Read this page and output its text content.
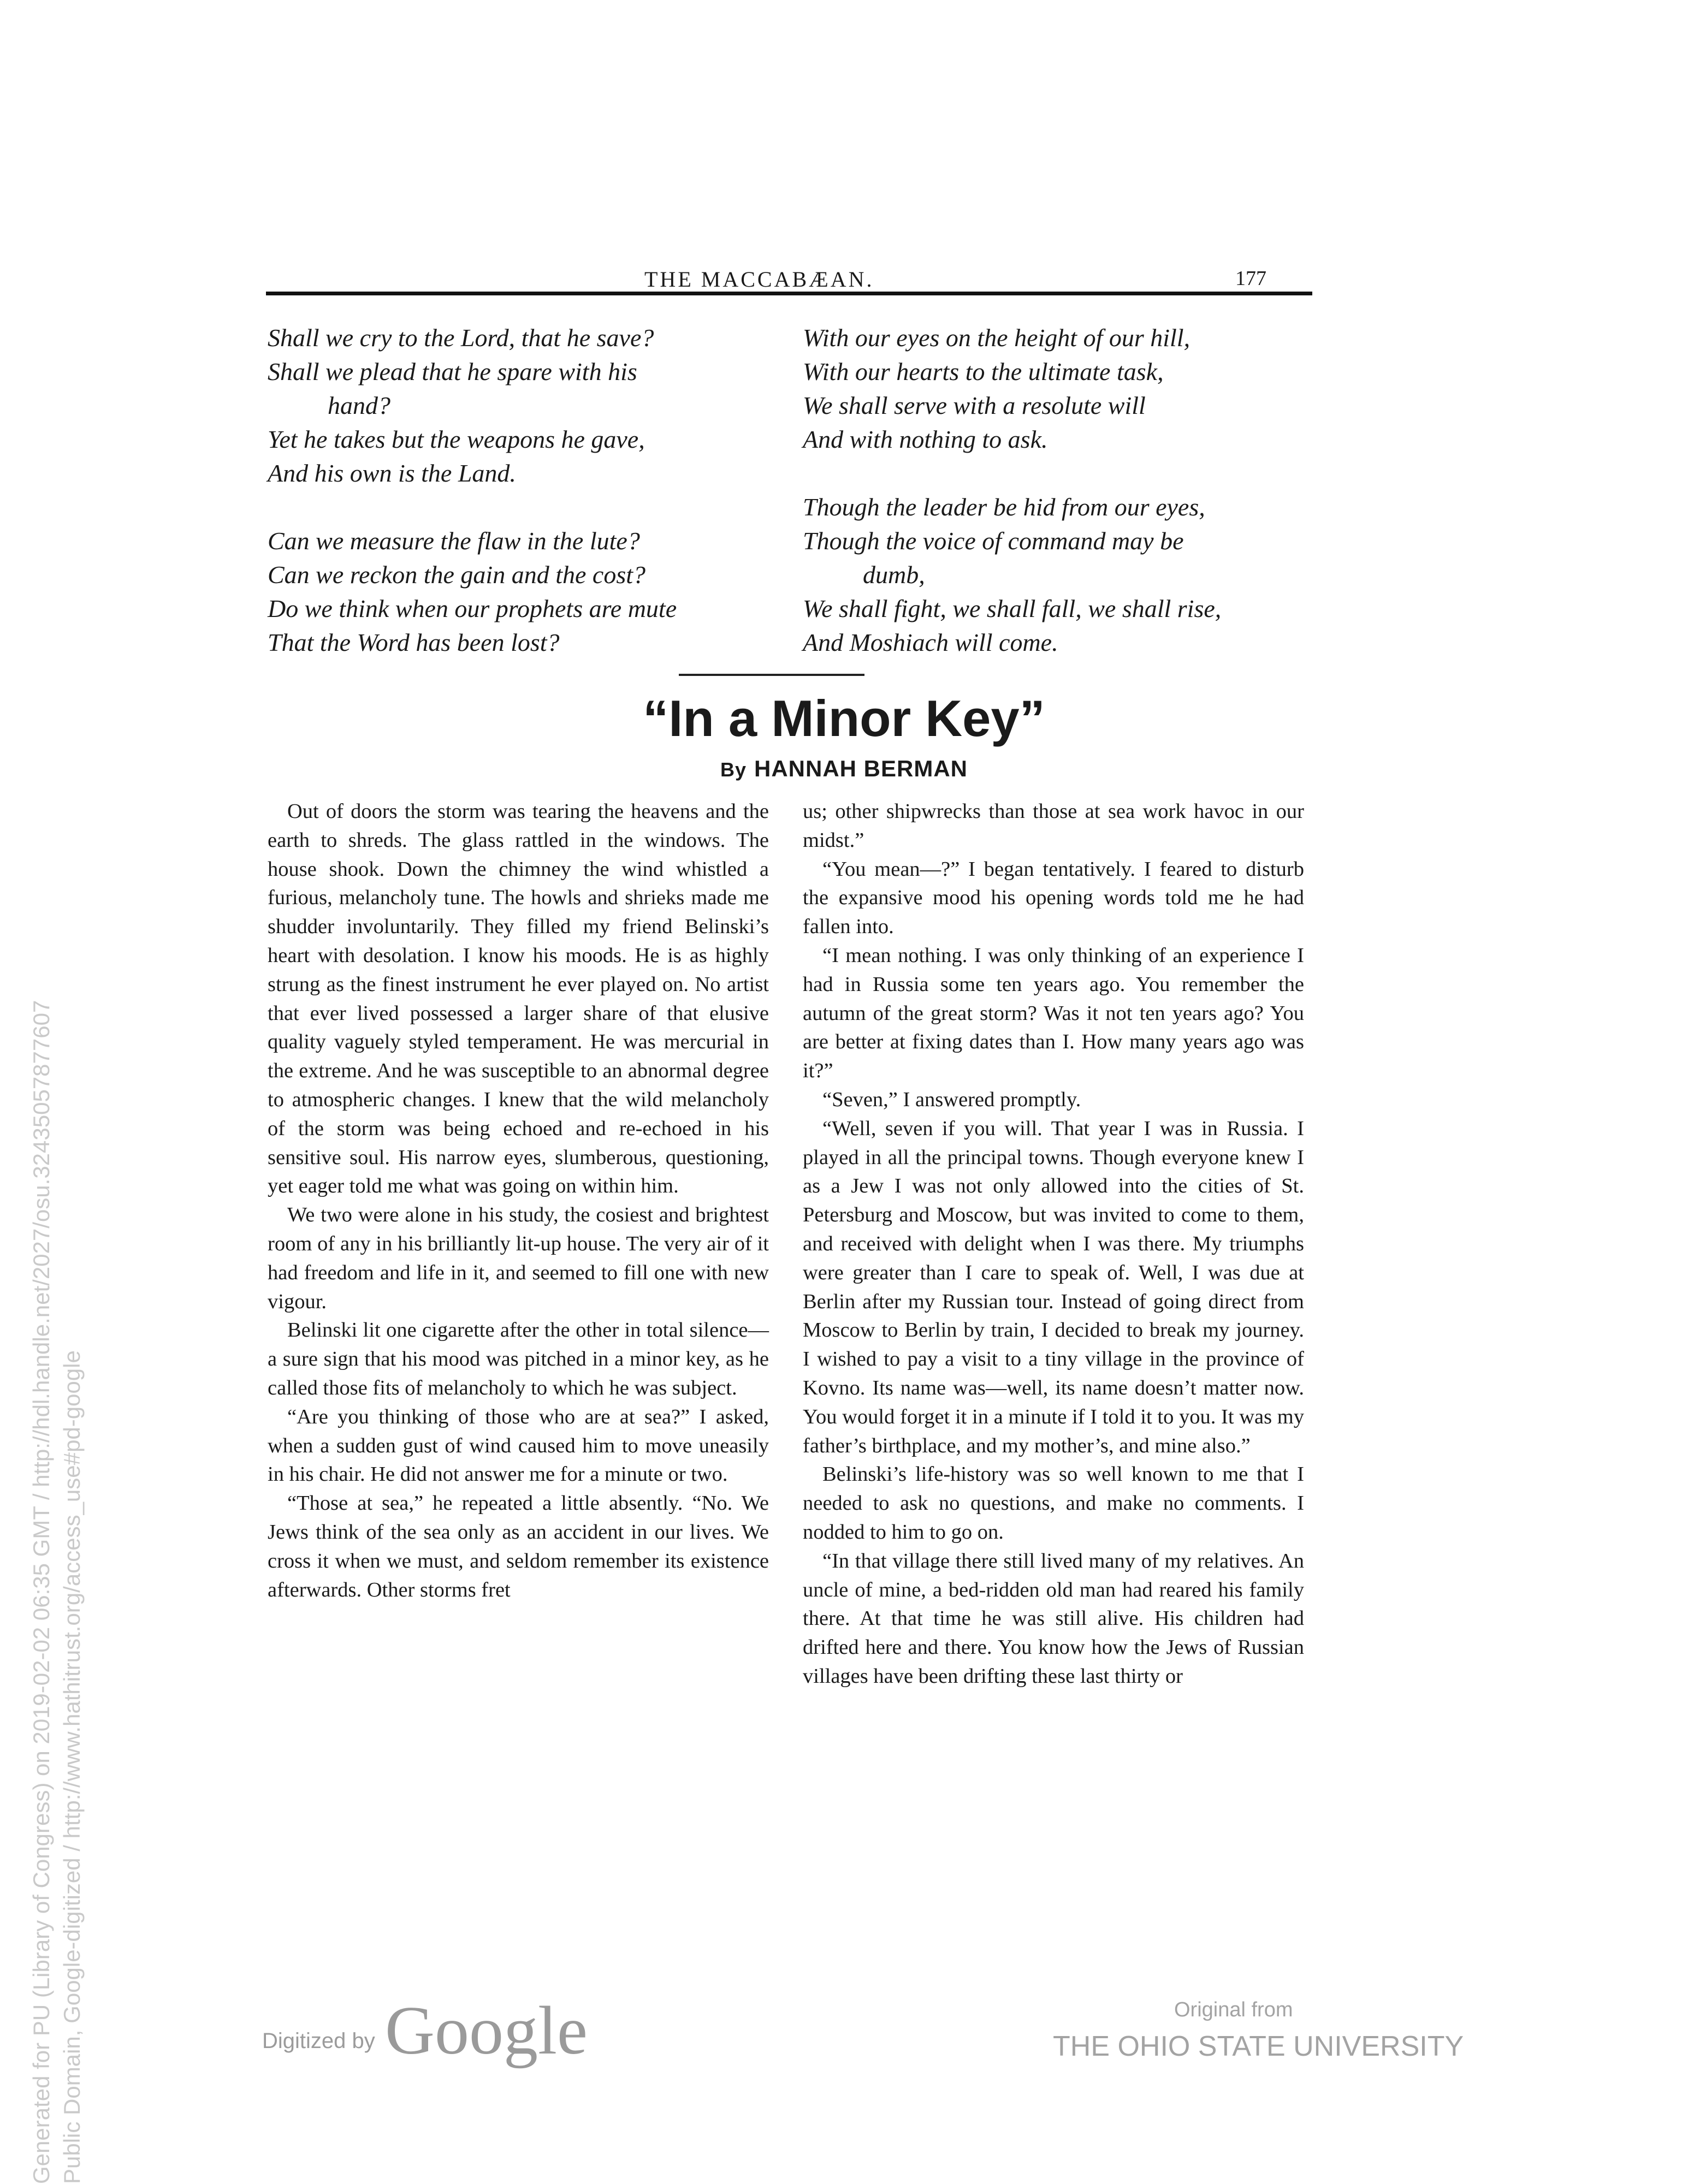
THE MACCABÆAN.	177
Shall we cry to the Lord, that he save?
Shall we plead that he spare with his
hand?
Yet he takes but the weapons he gave,
And his own is the Land.
Can we measure the flaw in the lute?
Can we reckon the gain and the cost?
Do we think when our prophets are mute
That the Word has been lost?
With our eyes on the height of our hill,
With our hearts to the ultimate task,
We shall serve with a resolute will
And with nothing to ask.
Though the leader be hid from our eyes,
Though the voice of command may be
dumb,
We shall fight, we shall fall, we shall rise,
And Moshiach will come.
“In a Minor Key”
By HANNAH BERMAN

Out of doors the storm was tearing the heavens and the earth to shreds. The glass rattled in the windows. The house shook. Down the chimney the wind whistled a furious, melancholy tune. The howls and shrieks made me shudder involuntarily. They filled my friend Belinski’s heart with desolation. I know his moods. He is as highly strung as the finest instrument he ever played on. No artist that ever lived possessed a larger share of that elusive quality vaguely styled temperament. He was mercurial in the extreme. And he was susceptible to an abnormal degree to atmospheric changes. I knew that the wild melancholy of the storm was being echoed and re-echoed in his sensitive soul. His narrow eyes, slumberous, questioning, yet eager told me what was going on within him.

We two were alone in his study, the cosiest and brightest room of any in his brilliantly lit-up house. The very air of it had freedom and life in it, and seemed to fill one with new vigour.

Belinski lit one cigarette after the other in total silence—a sure sign that his mood was pitched in a minor key, as he called those fits of melancholy to which he was subject.

“Are you thinking of those who are at sea?” I asked, when a sudden gust of wind caused him to move uneasily in his chair. He did not answer me for a minute or two.

“Those at sea,” he repeated a little absently. “No. We Jews think of the sea only as an accident in our lives. We cross it when we must, and seldom remember its existence afterwards. Other storms fret

us; other shipwrecks than those at sea work havoc in our midst.”

“You mean—?” I began tentatively. I feared to disturb the expansive mood his opening words told me he had fallen into.

“I mean nothing. I was only thinking of an experience I had in Russia some ten years ago. You remember the autumn of the great storm? Was it not ten years ago? You are better at fixing dates than I. How many years ago was it?”

“Seven,” I answered promptly.

“Well, seven if you will. That year I was in Russia. I played in all the principal towns. Though everyone knew I as a Jew I was not only allowed into the cities of St. Petersburg and Moscow, but was invited to come to them, and received with delight when I was there. My triumphs were greater than I care to speak of. Well, I was due at Berlin after my Russian tour. Instead of going direct from Moscow to Berlin by train, I decided to break my journey. I wished to pay a visit to a tiny village in the province of Kovno. Its name was—well, its name doesn’t matter now. You would forget it in a minute if I told it to you. It was my father’s birthplace, and my mother’s, and mine also.”

Belinski’s life-history was so well known to me that I needed to ask no questions, and make no comments. I nodded to him to go on.

“In that village there still lived many of my relatives. An uncle of mine, a bed-ridden old man had reared his family there. At that time he was still alive. His children had drifted here and there. You know how the Jews of Russian villages have been drifting these last thirty or

Digitized by Google	Original from
THE OHIO STATE UNIVERSITY
Generated for PU (Library of Congress) on 2019-02-02 06:35 GMT / http://hdl.handle.net/2027/osu.32435057877607 Public Domain, Google-digitized / http://www.hathitrust.org/access_use#pd-google
